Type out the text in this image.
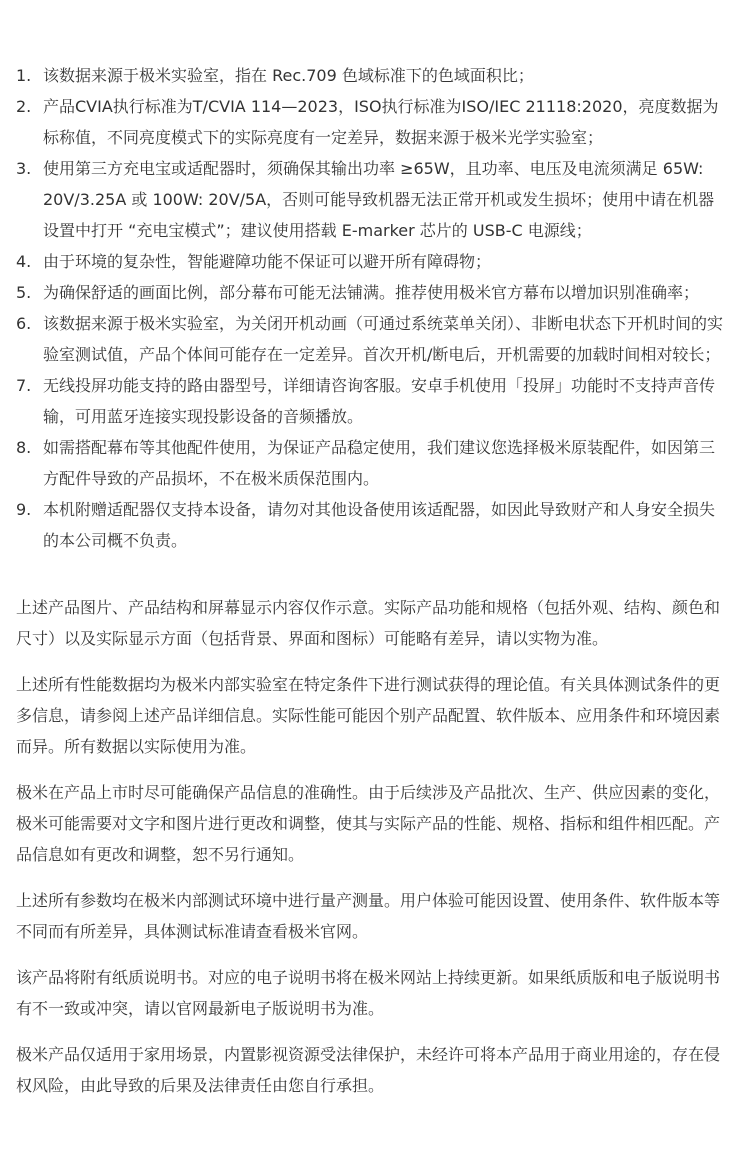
1. 该数据来源于极米实验室，指在 Rec.709 色域标准下的色域面积比；
2. 产品CVIA执行标准为T/CVIA 114—2023，ISO执行标准为ISO/IEC 21118:2020，亮度数据为标称值，不同亮度模式下的实际亮度有一定差异，数据来源于极米光学实验室；
3. 使用第三方充电宝或适配器时，须确保其输出功率 ≥65W，且功率、电压及电流须满足 65W: 20V/3.25A 或 100W: 20V/5A，否则可能导致机器无法正常开机或发生损坏；使用中请在机器设置中打开 “充电宝模式”；建议使用搭载 E-marker 芯片的 USB-C 电源线；
4. 由于环境的复杂性，智能避障功能不保证可以避开所有障碍物；
5. 为确保舒适的画面比例，部分幕布可能无法铺满。推荐使用极米官方幕布以增加识别准确率；
6. 该数据来源于极米实验室，为关闭开机动画（可通过系统菜单关闭）、非断电状态下开机时间的实验室测试值，产品个体间可能存在一定差异。首次开机/断电后，开机需要的加载时间相对较长；
7. 无线投屏功能支持的路由器型号，详细请咨询客服。安卓手机使用「投屏」功能时不支持声音传输，可用蓝牙连接实现投影设备的音频播放。
8. 如需搭配幕布等其他配件使用，为保证产品稳定使用，我们建议您选择极米原装配件，如因第三方配件导致的产品损坏，不在极米质保范围内。
9. 本机附赠适配器仅支持本设备，请勿对其他设备使用该适配器，如因此导致财产和人身安全损失的本公司概不负责。

上述产品图片、产品结构和屏幕显示内容仅作示意。实际产品功能和规格（包括外观、结构、颜色和尺寸）以及实际显示方面（包括背景、界面和图标）可能略有差异，请以实物为准。

上述所有性能数据均为极米内部实验室在特定条件下进行测试获得的理论值。有关具体测试条件的更多信息，请参阅上述产品详细信息。实际性能可能因个别产品配置、软件版本、应用条件和环境因素而异。所有数据以实际使用为准。

极米在产品上市时尽可能确保产品信息的准确性。由于后续涉及产品批次、生产、供应因素的变化，极米可能需要对文字和图片进行更改和调整，使其与实际产品的性能、规格、指标和组件相匹配。产品信息如有更改和调整，恕不另行通知。

上述所有参数均在极米内部测试环境中进行量产测量。用户体验可能因设置、使用条件、软件版本等不同而有所差异，具体测试标准请查看极米官网。

该产品将附有纸质说明书。对应的电子说明书将在极米网站上持续更新。如果纸质版和电子版说明书有不一致或冲突，请以官网最新电子版说明书为准。

极米产品仅适用于家用场景，内置影视资源受法律保护，未经许可将本产品用于商业用途的，存在侵权风险，由此导致的后果及法律责任由您自行承担。
